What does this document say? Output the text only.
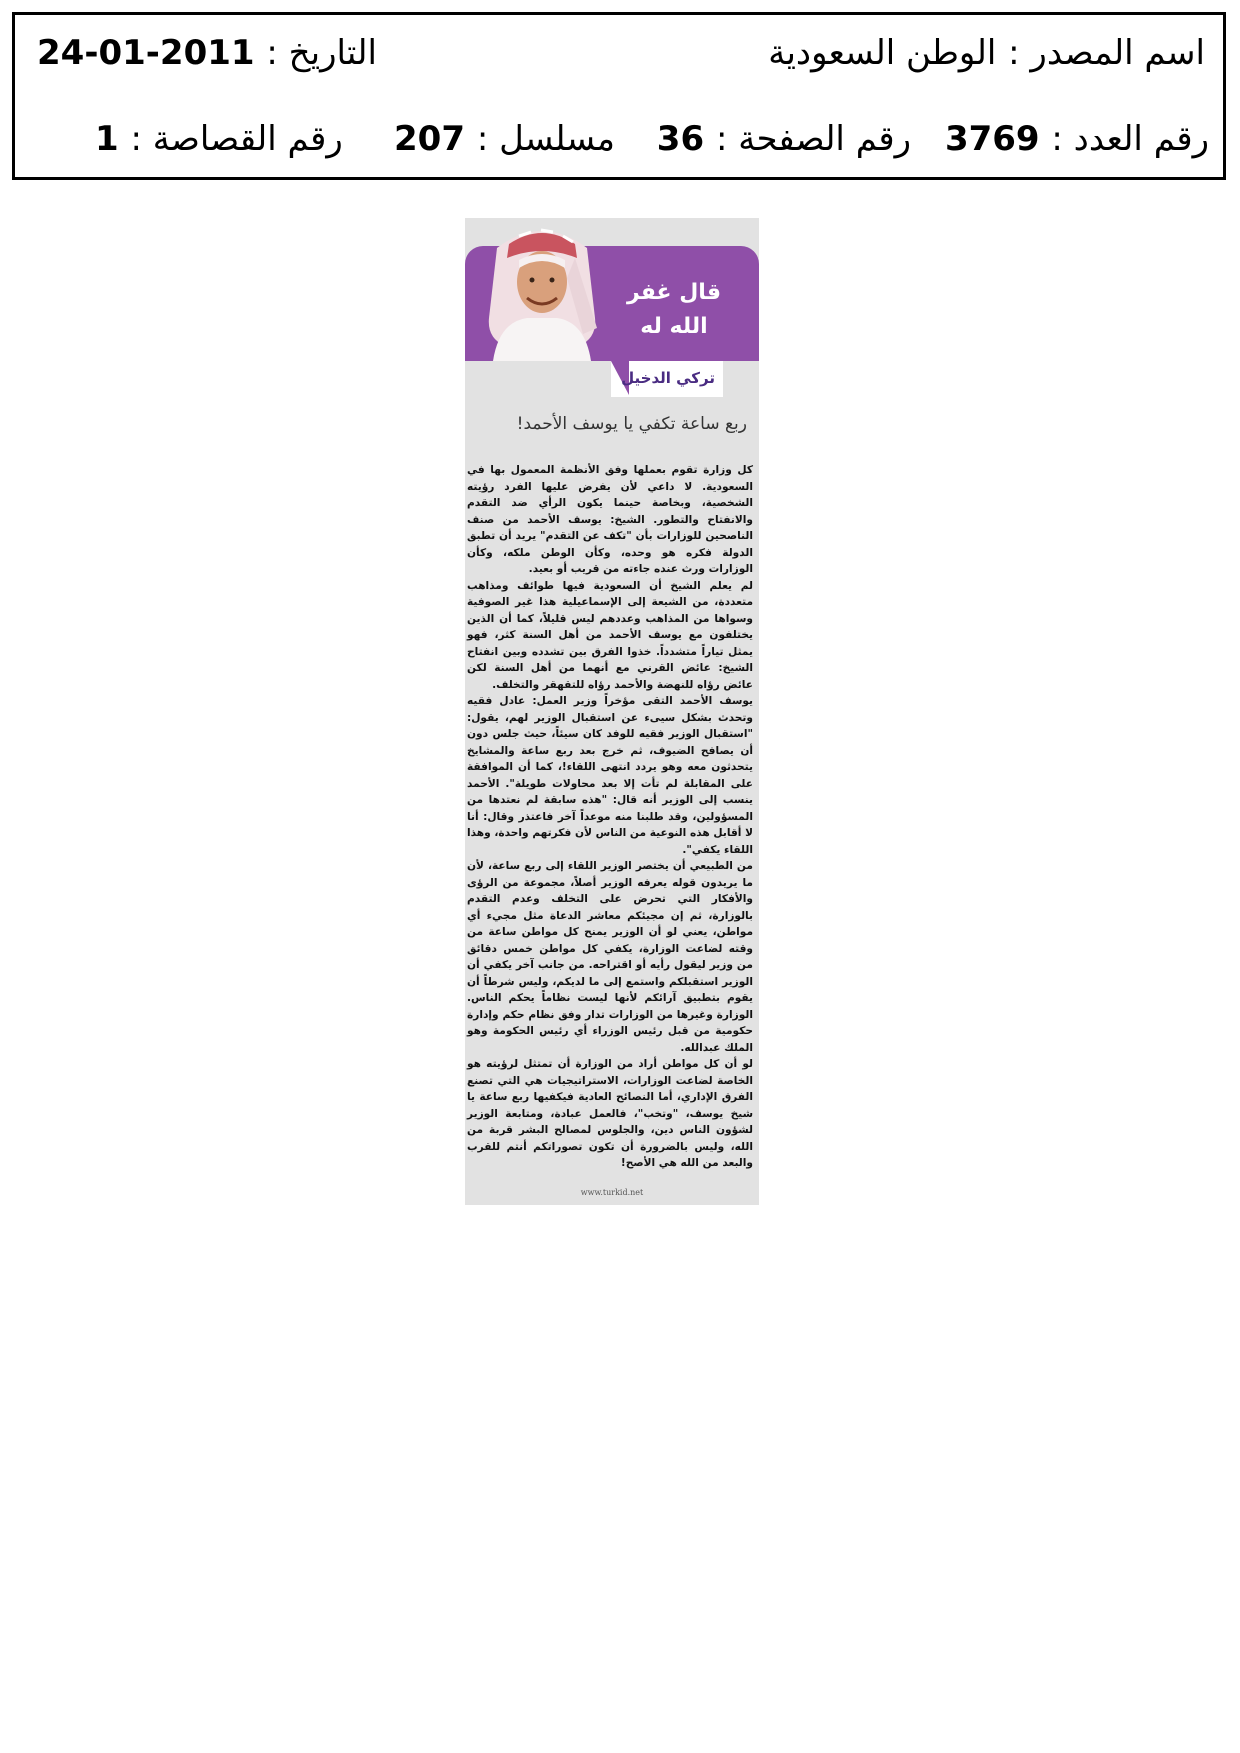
اسم المصدر : الوطن السعودية
التاريخ : 2011-01-24
رقم العدد : 3769
رقم الصفحة : 36
مسلسل : 207
رقم القصاصة : 1
قال غفر الله له
تركي الدخيل
ربع ساعة تكفي يا يوسف الأحمد!

كل وزارة تقوم بعملها وفق الأنظمة المعمول بها في السعودية. لا داعي لأن يفرض عليها الفرد رؤيته الشخصية، وبخاصة حينما يكون الرأي ضد التقدم والانفتاح والتطور. الشيخ: يوسف الأحمد من صنف الناصحين للوزارات بأن "تكف عن التقدم" يريد أن تطبق الدولة فكره هو وحده، وكأن الوطن ملكه، وكأن الوزارات ورث عنده جاءته من قريب أو بعيد.

لم يعلم الشيخ أن السعودية فيها طوائف ومذاهب متعددة، من الشيعة إلى الإسماعيلية هذا غير الصوفية وسواها من المذاهب وعددهم ليس قليلاً، كما أن الذين يختلفون مع يوسف الأحمد من أهل السنة كثر، فهو يمثل تياراً متشدداً. خذوا الفرق بين تشدده وبين انفتاح الشيخ: عائض القرني مع أنهما من أهل السنة لكن عائض رؤاه للنهضة والأحمد رؤاه للتقهقر والتخلف.

يوسف الأحمد التقى مؤخراً وزير العمل: عادل فقيه وتحدث بشكل سيىء عن استقبال الوزير لهم، يقول: "استقبال الوزير فقيه للوفد كان سيئاً، حيث جلس دون أن يصافح الضيوف، ثم خرج بعد ربع ساعة والمشايخ يتحدثون معه وهو يردد انتهى اللقاء!، كما أن الموافقة على المقابلة لم تأت إلا بعد محاولات طويلة". الأحمد ينسب إلى الوزير أنه قال: "هذه سابقة لم نعتدها من المسؤولين، وقد طلبنا منه موعداً آخر فاعتذر وقال: أنا لا أقابل هذه النوعية من الناس لأن فكرتهم واحدة، وهذا اللقاء يكفي".

من الطبيعي أن يختصر الوزير اللقاء إلى ربع ساعة، لأن ما يريدون قوله يعرفه الوزير أصلاً، مجموعة من الرؤى والأفكار التي تحرض على التخلف وعدم التقدم بالوزارة، ثم إن مجيئكم معاشر الدعاة مثل مجيء أي مواطن، يعني لو أن الوزير يمنح كل مواطن ساعة من وقته لضاعت الوزارة، يكفي كل مواطن خمس دقائق من وزير ليقول رأيه أو اقتراحه. من جانب آخر يكفي أن الوزير استقبلكم واستمع إلى ما لديكم، وليس شرطاً أن يقوم بتطبيق آرائكم لأنها ليست نظاماً يحكم الناس. الوزارة وغيرها من الوزارات تدار وفق نظام حكم وإدارة حكومية من قبل رئيس الوزراء أي رئيس الحكومة وهو الملك عبدالله.

لو أن كل مواطن أراد من الوزارة أن تمتثل لرؤيته هو الخاصة لضاعت الوزارات، الاستراتيجيات هي التي تصنع الفرق الإداري، أما النصائح العادية فيكفيها ربع ساعة يا شيخ يوسف، "وتخب"، فالعمل عبادة، ومتابعة الوزير لشؤون الناس دين، والجلوس لمصالح البشر قربة من الله، وليس بالضرورة أن تكون تصوراتكم أنتم للقرب والبعد من الله هي الأصح!

www.turkid.net
